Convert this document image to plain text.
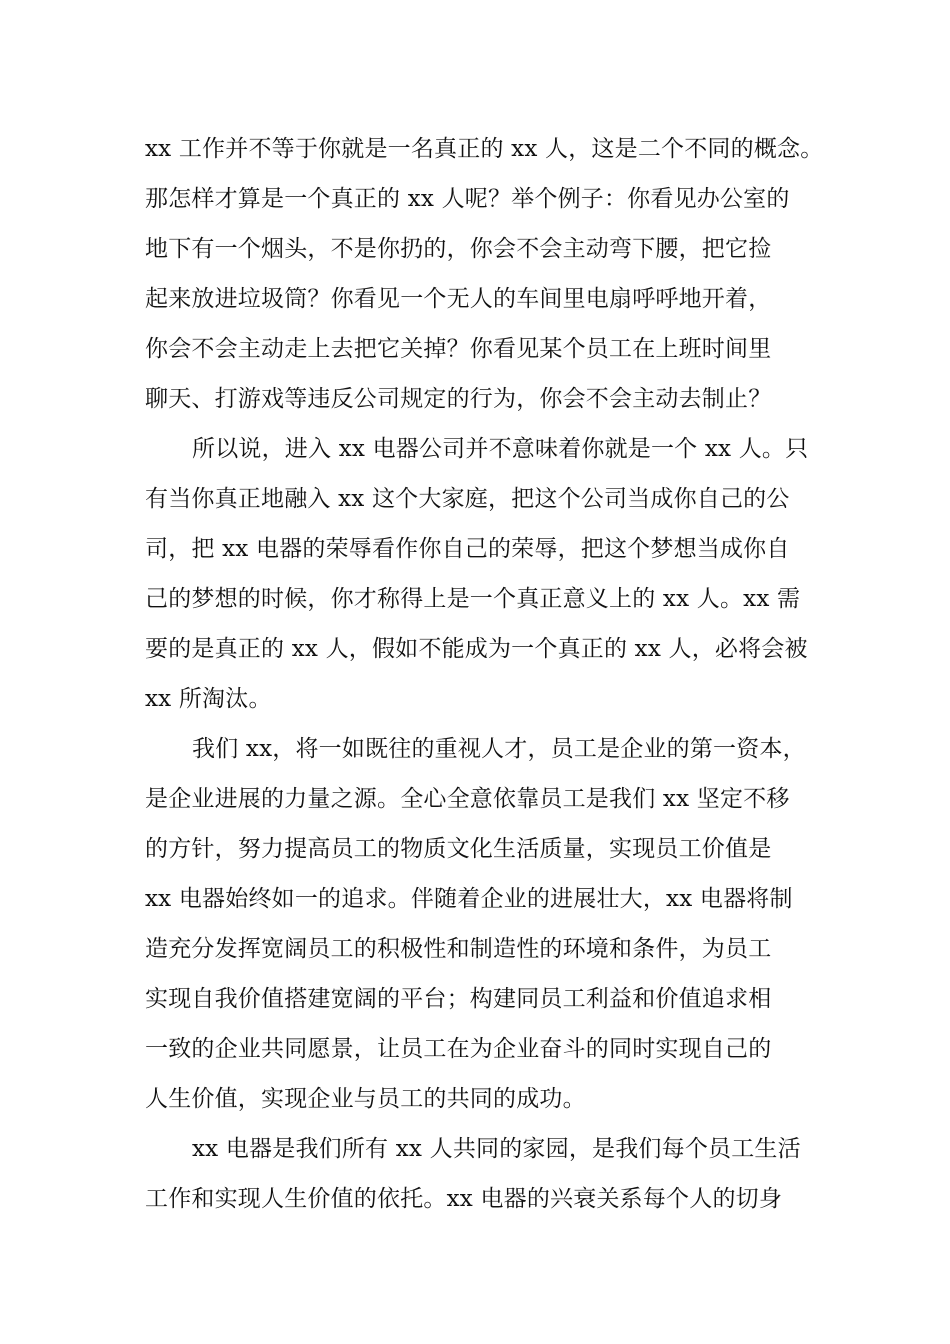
xx 工作并不等于你就是一名真正的 xx 人，这是二个不同的概念。
那怎样才算是一个真正的 xx 人呢？举个例子：你看见办公室的
地下有一个烟头，不是你扔的，你会不会主动弯下腰，把它捡
起来放进垃圾筒？你看见一个无人的车间里电扇呼呼地开着，
你会不会主动走上去把它关掉？你看见某个员工在上班时间里
聊天、打游戏等违反公司规定的行为，你会不会主动去制止？
所以说，进入 xx 电器公司并不意味着你就是一个 xx 人。只
有当你真正地融入 xx 这个大家庭，把这个公司当成你自己的公
司，把 xx 电器的荣辱看作你自己的荣辱，把这个梦想当成你自
己的梦想的时候，你才称得上是一个真正意义上的 xx 人。xx 需
要的是真正的 xx 人，假如不能成为一个真正的 xx 人，必将会被
xx 所淘汰。
我们 xx，将一如既往的重视人才，员工是企业的第一资本，
是企业进展的力量之源。全心全意依靠员工是我们 xx 坚定不移
的方针，努力提高员工的物质文化生活质量，实现员工价值是
xx 电器始终如一的追求。伴随着企业的进展壮大，xx 电器将制
造充分发挥宽阔员工的积极性和制造性的环境和条件，为员工
实现自我价值搭建宽阔的平台；构建同员工利益和价值追求相
一致的企业共同愿景，让员工在为企业奋斗的同时实现自己的
人生价值，实现企业与员工的共同的成功。
xx 电器是我们所有 xx 人共同的家园，是我们每个员工生活
工作和实现人生价值的依托。xx 电器的兴衰关系每个人的切身
